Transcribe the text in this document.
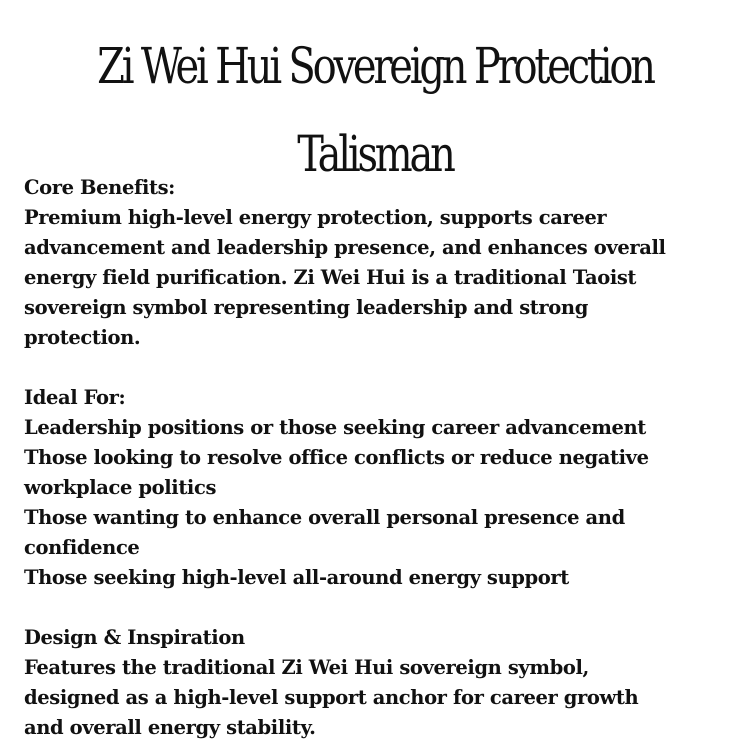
Zi Wei Hui Sovereign Protection
Talisman
Core Benefits:
Premium high-level energy protection, supports career
advancement and leadership presence, and enhances overall
energy field purification. Zi Wei Hui is a traditional Taoist
sovereign symbol representing leadership and strong
protection.
Ideal For:
Leadership positions or those seeking career advancement
Those looking to resolve office conflicts or reduce negative
workplace politics
Those wanting to enhance overall personal presence and
confidence
Those seeking high-level all-around energy support
Design & Inspiration
Features the traditional Zi Wei Hui sovereign symbol,
designed as a high-level support anchor for career growth
and overall energy stability.
